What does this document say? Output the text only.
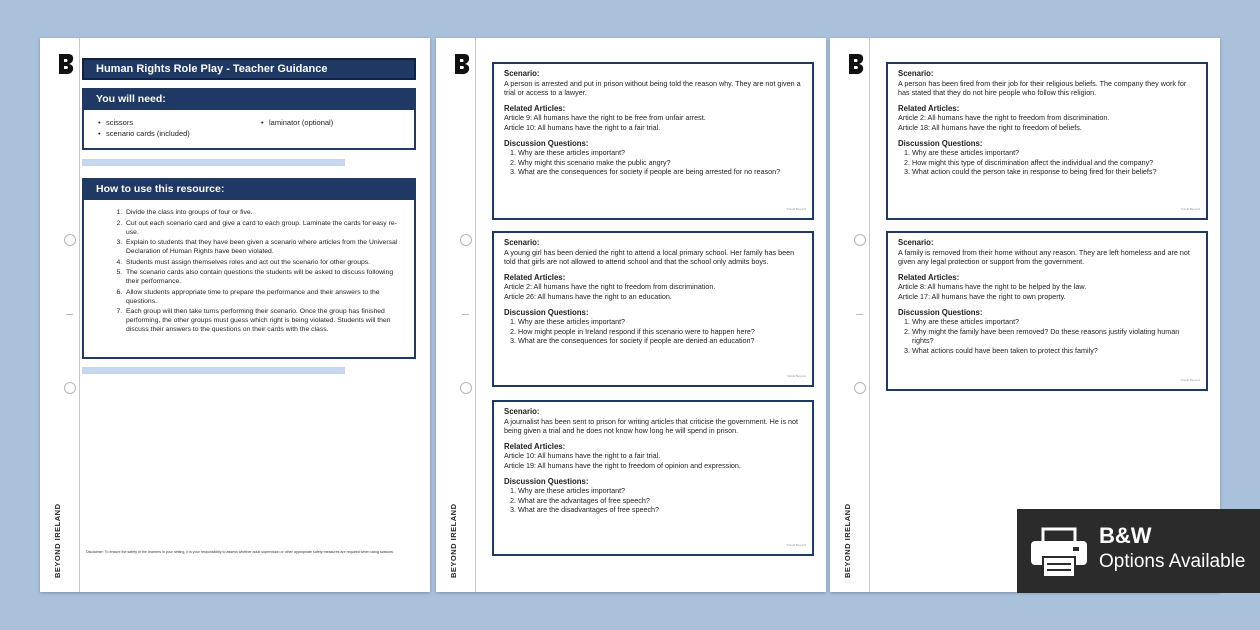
BEYOND IRELAND
Human Rights Role Play - Teacher Guidance
You will need:
• scissors
• scenario cards (included)
• laminator (optional)
How to use this resource:
1. Divide the class into groups of four or five.
2. Cut out each scenario card and give a card to each group. Laminate the cards for easy re-use.
3. Explain to students that they have been given a scenario where articles from the Universal Declaration of Human Rights have been violated.
4. Students must assign themselves roles and act out the scenario for other groups.
5. The scenario cards also contain questions the students will be asked to discuss following their performance.
6. Allow students appropriate time to prepare the performance and their answers to the questions.
7. Each group will then take turns performing their scenario. Once the group has finished performing, the other groups must guess which right is being violated. Students will then discuss their answers to the questions on their cards with the class.
Disclaimer: To ensure the safety of the learners in your setting, it is your responsibility to assess whether adult supervision or other appropriate safety measures are required when using scissors.	BEYOND IRELAND
Scenario:

A person is arrested and put in prison without being told the reason why. They are not given a trial or access to a lawyer.

Related Articles:
Article 9: All humans have the right to be free from unfair arrest.

Article 10: All humans have the right to a fair trial.

Discussion Questions:
1. Why are these articles important?
2. Why might this scenario make the public angry?
3. What are the consequences for society if people are being arrested for no reason?
Twinkl Beyond
Scenario:

A young girl has been denied the right to attend a local primary school. Her family has been told that girls are not allowed to attend school and that the school only admits boys.

Related Articles:
Article 2: All humans have the right to freedom from discrimination.

Article 26: All humans have the right to an education.

Discussion Questions:
1. Why are these articles important?
2. How might people in Ireland respond if this scenario were to happen here?
3. What are the consequences for society if people are denied an education?
Twinkl Beyond
Scenario:

A journalist has been sent to prison for writing articles that criticise the government. He is not being given a trial and he does not know how long he will spend in prison.

Related Articles:
Article 10: All humans have the right to a fair trial.

Article 19: All humans have the right to freedom of opinion and expression.

Discussion Questions:
1. Why are these articles important?
2. What are the advantages of free speech?
3. What are the disadvantages of free speech?
Twinkl Beyond	BEYOND IRELAND
Scenario:

A person has been fired from their job for their religious beliefs. The company they work for has stated that they do not hire people who follow this religion.

Related Articles:
Article 2: All humans have the right to freedom from discrimination.

Article 18: All humans have the right to freedom of beliefs.

Discussion Questions:
1. Why are these articles important?
2. How might this type of discrimination affect the individual and the company?
3. What action could the person take in response to being fired for their beliefs?
Twinkl Beyond
Scenario:

A family is removed from their home without any reason. They are left homeless and are not given any legal protection or support from the government.

Related Articles:
Article 8: All humans have the right to be helped by the law.

Article 17: All humans have the right to own property.

Discussion Questions:
1. Why are these articles important?
2. Why might the family have been removed? Do these reasons justify violating human rights?
3. What actions could have been taken to protect this family?
Twinkl Beyond
B&W
Options Available
